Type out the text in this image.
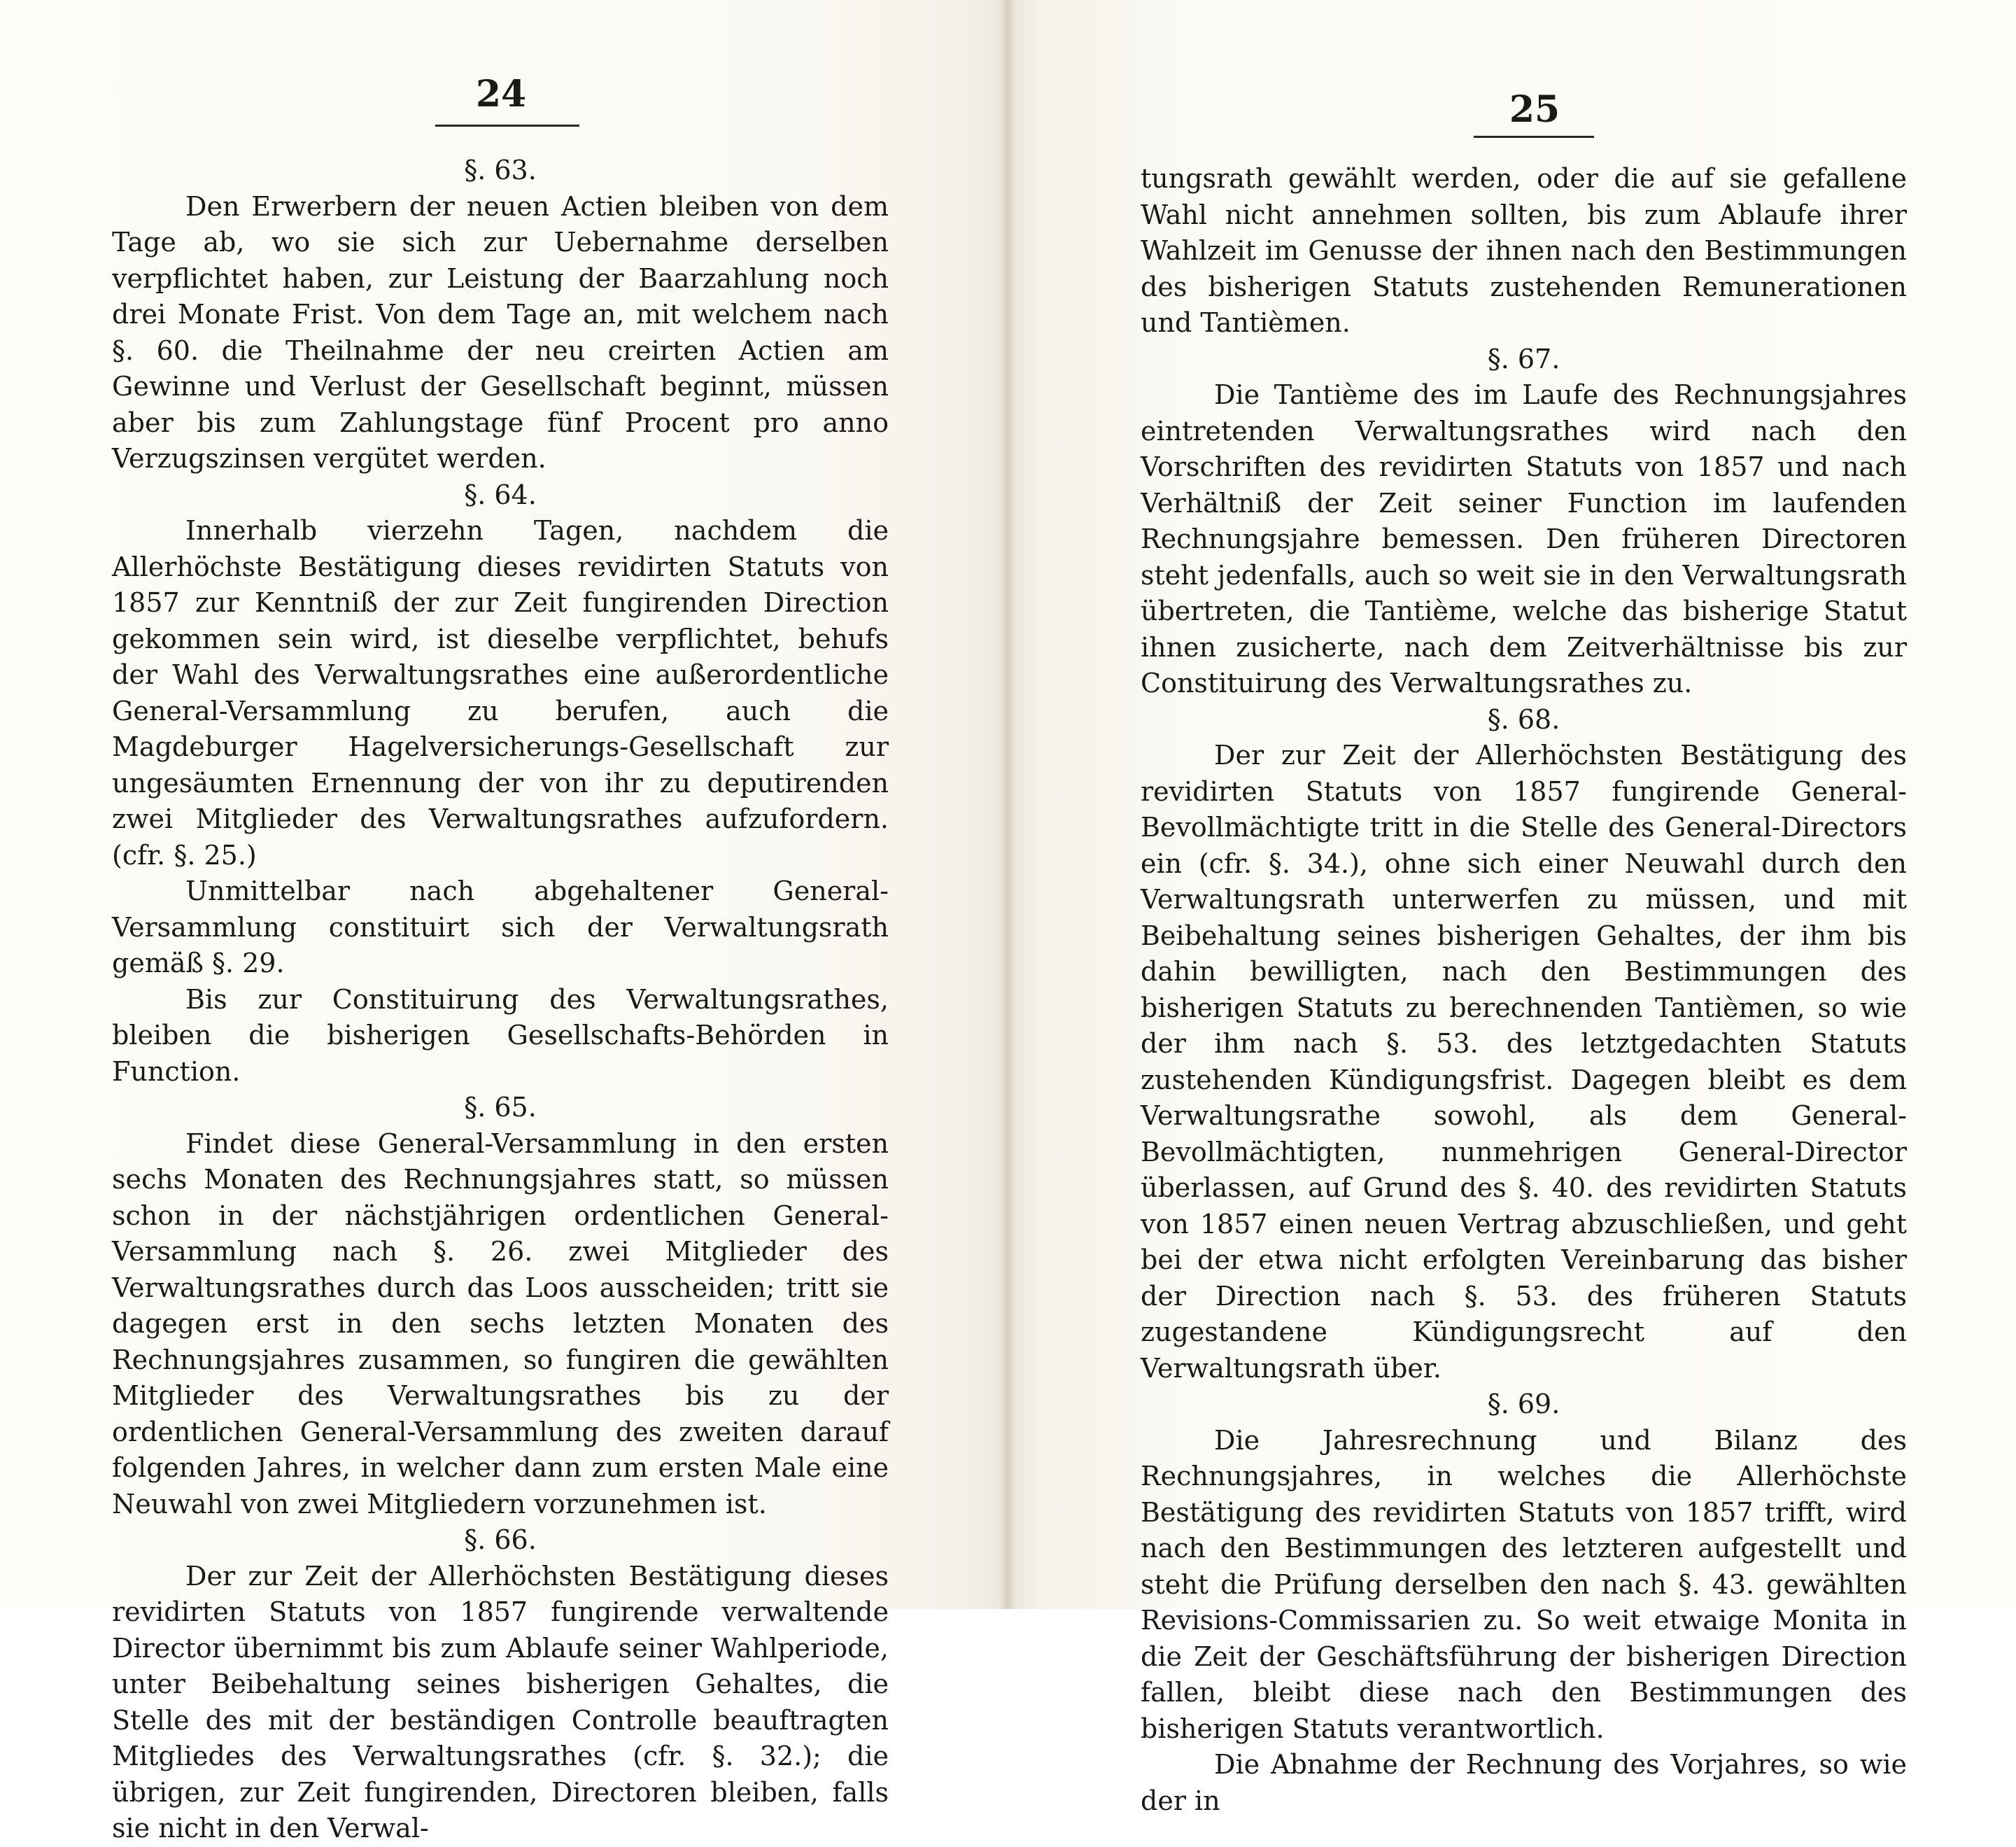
24

§. 63.

Den Erwerbern der neuen Actien bleiben von dem Tage ab, wo sie sich zur Uebernahme derselben verpflichtet haben, zur Leistung der Baarzahlung noch drei Monate Frist. Von dem Tage an, mit welchem nach §. 60. die Theilnahme der neu creirten Actien am Gewinne und Verlust der Gesellschaft beginnt, müssen aber bis zum Zahlungstage fünf Procent pro anno Verzugszinsen vergütet werden.

§. 64.

Innerhalb vierzehn Tagen, nachdem die Allerhöchste Bestätigung dieses revidirten Statuts von 1857 zur Kenntniß der zur Zeit fungirenden Direction gekommen sein wird, ist dieselbe verpflichtet, behufs der Wahl des Verwaltungsrathes eine außerordentliche General-Versammlung zu berufen, auch die Magdeburger Hagelversicherungs-Gesellschaft zur ungesäumten Ernennung der von ihr zu deputirenden zwei Mitglieder des Verwaltungsrathes aufzufordern. (cfr. §. 25.)

Unmittelbar nach abgehaltener General-Versammlung constituirt sich der Verwaltungsrath gemäß §. 29.

Bis zur Constituirung des Verwaltungsrathes, bleiben die bisherigen Gesellschafts-Behörden in Function.

§. 65.

Findet diese General-Versammlung in den ersten sechs Monaten des Rechnungsjahres statt, so müssen schon in der nächstjährigen ordentlichen General-Versammlung nach §. 26. zwei Mitglieder des Verwaltungsrathes durch das Loos ausscheiden; tritt sie dagegen erst in den sechs letzten Monaten des Rechnungsjahres zusammen, so fungiren die gewählten Mitglieder des Verwaltungsrathes bis zu der ordentlichen General-Versammlung des zweiten darauf folgenden Jahres, in welcher dann zum ersten Male eine Neuwahl von zwei Mitgliedern vorzunehmen ist.

§. 66.

Der zur Zeit der Allerhöchsten Bestätigung dieses revidirten Statuts von 1857 fungirende verwaltende Director übernimmt bis zum Ablaufe seiner Wahlperiode, unter Beibehaltung seines bisherigen Gehaltes, die Stelle des mit der beständigen Controlle beauftragten Mitgliedes des Verwaltungsrathes (cfr. §. 32.); die übrigen, zur Zeit fungirenden, Directoren bleiben, falls sie nicht in den Verwal-

25

tungsrath gewählt werden, oder die auf sie gefallene Wahl nicht annehmen sollten, bis zum Ablaufe ihrer Wahlzeit im Genusse der ihnen nach den Bestimmungen des bisherigen Statuts zustehenden Remunerationen und Tantièmen.

§. 67.

Die Tantième des im Laufe des Rechnungsjahres eintretenden Verwaltungsrathes wird nach den Vorschriften des revidirten Statuts von 1857 und nach Verhältniß der Zeit seiner Function im laufenden Rechnungsjahre bemessen. Den früheren Directoren steht jedenfalls, auch so weit sie in den Verwaltungsrath übertreten, die Tantième, welche das bisherige Statut ihnen zusicherte, nach dem Zeitverhältnisse bis zur Constituirung des Verwaltungsrathes zu.

§. 68.

Der zur Zeit der Allerhöchsten Bestätigung des revidirten Statuts von 1857 fungirende General-Bevollmächtigte tritt in die Stelle des General-Directors ein (cfr. §. 34.), ohne sich einer Neuwahl durch den Verwaltungsrath unterwerfen zu müssen, und mit Beibehaltung seines bisherigen Gehaltes, der ihm bis dahin bewilligten, nach den Bestimmungen des bisherigen Statuts zu berechnenden Tantièmen, so wie der ihm nach §. 53. des letztgedachten Statuts zustehenden Kündigungsfrist. Dagegen bleibt es dem Verwaltungsrathe sowohl, als dem General-Bevollmächtigten, nunmehrigen General-Director überlassen, auf Grund des §. 40. des revidirten Statuts von 1857 einen neuen Vertrag abzuschließen, und geht bei der etwa nicht erfolgten Vereinbarung das bisher der Direction nach §. 53. des früheren Statuts zugestandene Kündigungsrecht auf den Verwaltungsrath über.

§. 69.

Die Jahresrechnung und Bilanz des Rechnungsjahres, in welches die Allerhöchste Bestätigung des revidirten Statuts von 1857 trifft, wird nach den Bestimmungen des letzteren aufgestellt und steht die Prüfung derselben den nach §. 43. gewählten Revisions-Commissarien zu. So weit etwaige Monita in die Zeit der Geschäftsführung der bisherigen Direction fallen, bleibt diese nach den Bestimmungen des bisherigen Statuts verantwortlich.

Die Abnahme der Rechnung des Vorjahres, so wie der in
